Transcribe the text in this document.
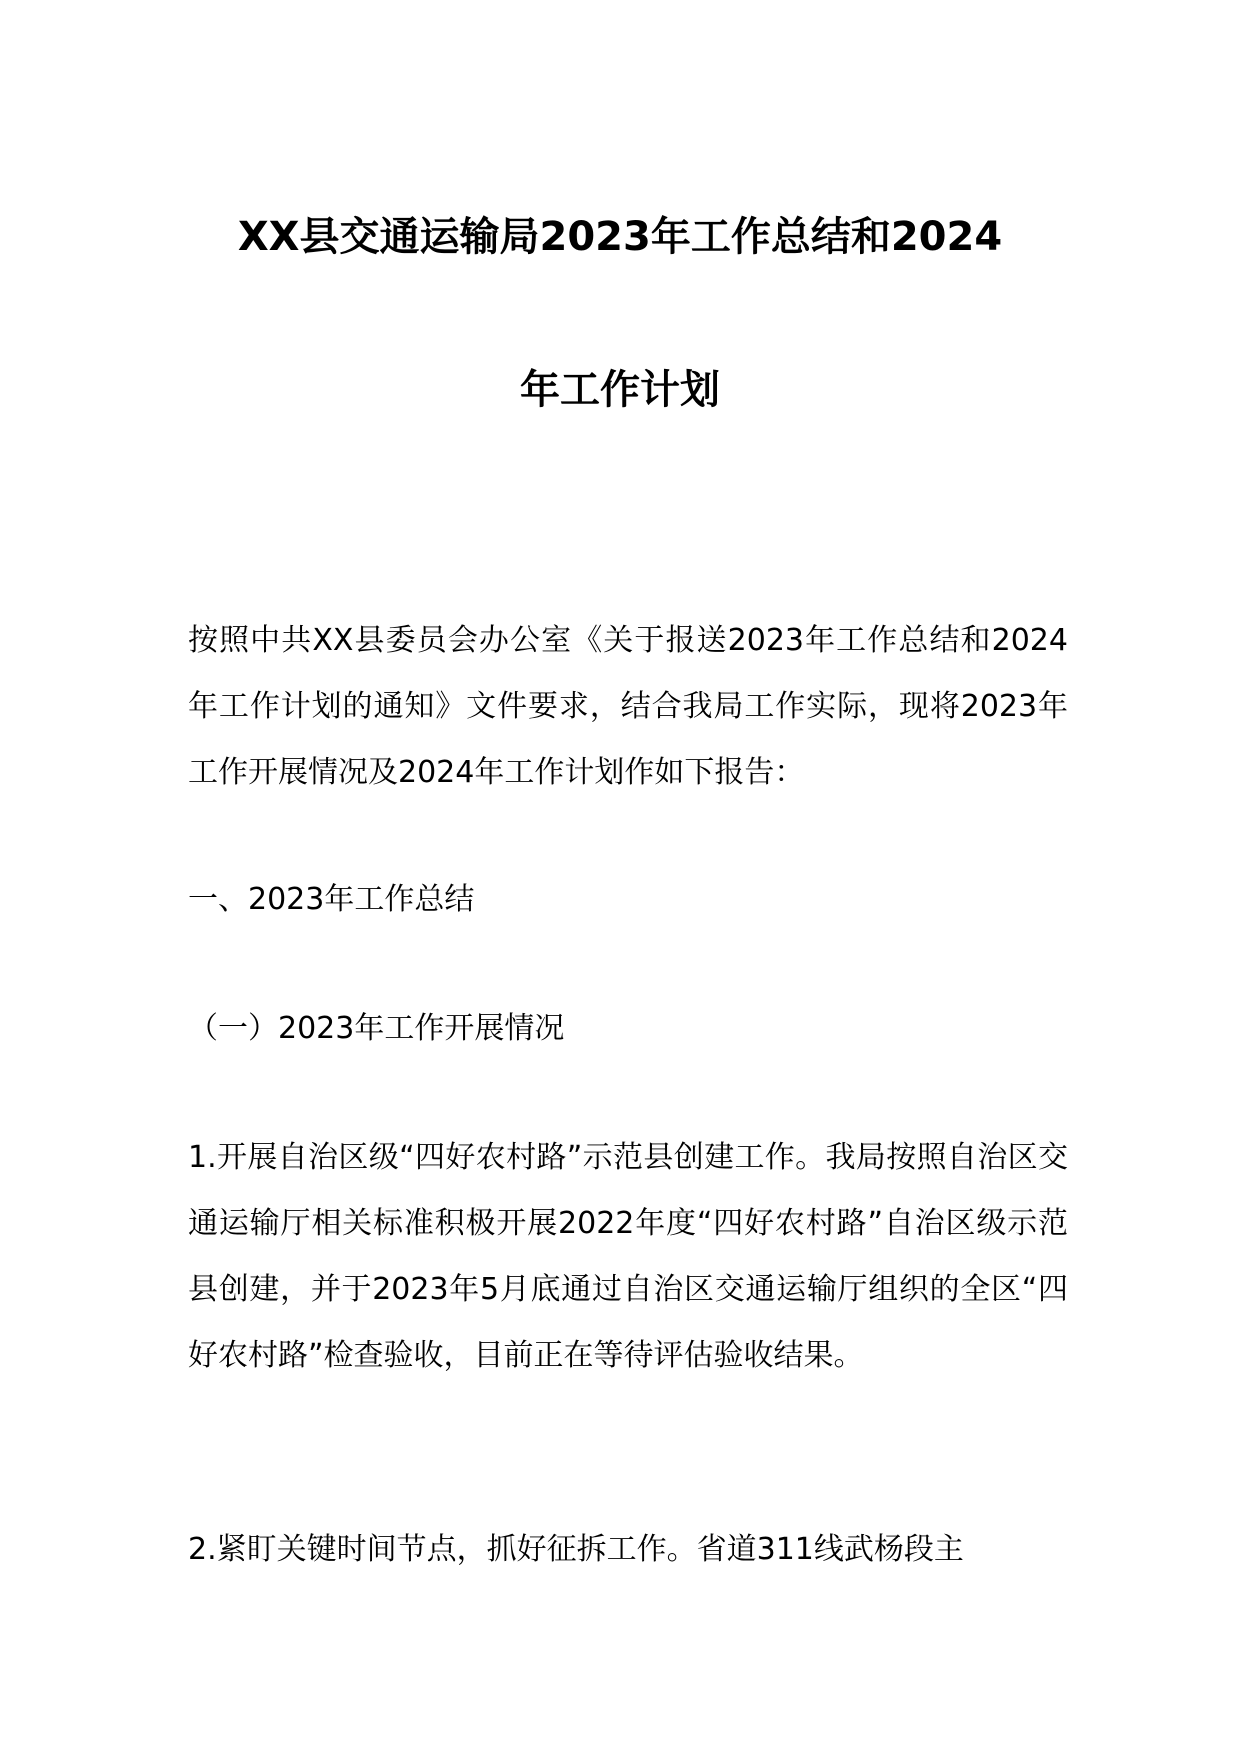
XX县交通运输局2023年工作总结和2024
年工作计划

按照中共XX县委员会办公室《关于报送2023年工作总结和2024年工作计划的通知》文件要求，结合我局工作实际，现将2023年工作开展情况及2024年工作计划作如下报告：

一、2023年工作总结

（一）2023年工作开展情况

1.开展自治区级“四好农村路”示范县创建工作。我局按照自治区交通运输厅相关标准积极开展2022年度“四好农村路”自治区级示范县创建，并于2023年5月底通过自治区交通运输厅组织的全区“四好农村路”检查验收，目前正在等待评估验收结果。

2.紧盯关键时间节点，抓好征拆工作。省道311线武杨段主
